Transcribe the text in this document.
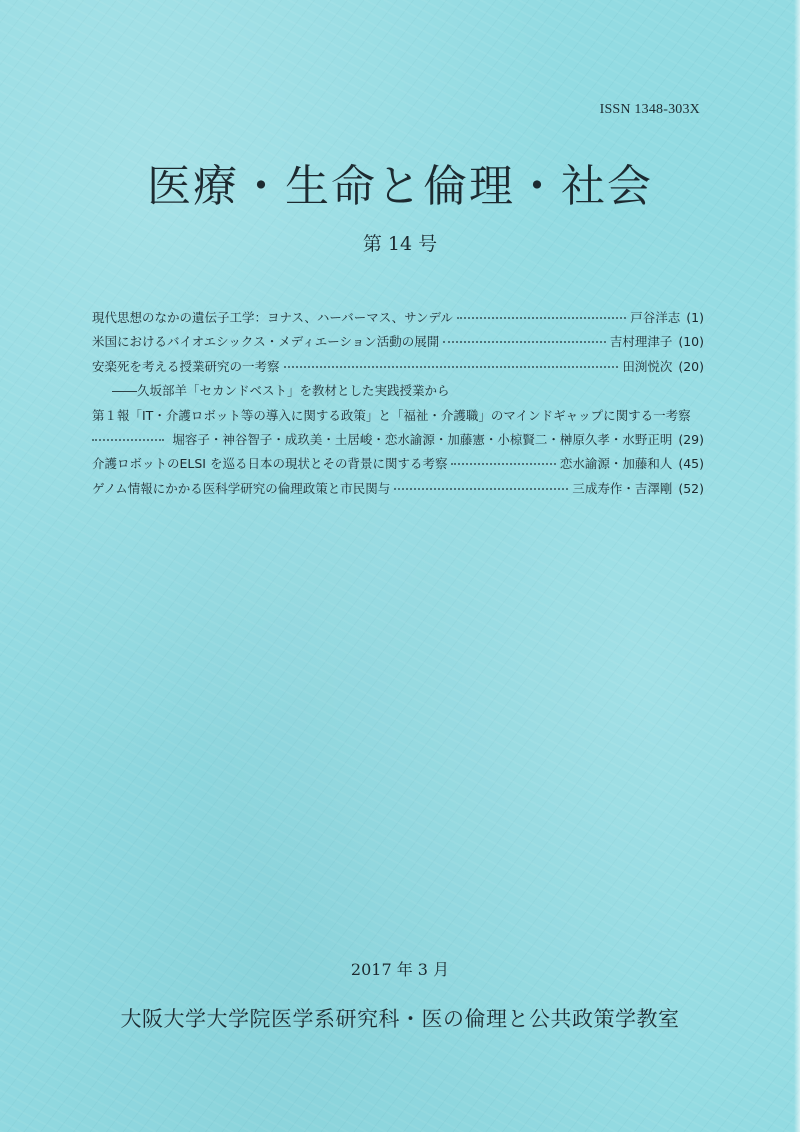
ISSN 1348-303X
医療・生命と倫理・社会
第 14 号
現代思想のなかの遺伝子工学：ヨナス、ハーバーマス、サンデル	戸谷洋志 (1)
米国におけるバイオエシックス・メディエーション活動の展開	吉村理津子 (10)
安楽死を考える授業研究の一考察	田渕悦次 (20)
――久坂部羊「セカンドベスト」を教材とした実践授業から
第１報「IT・介護ロボット等の導入に関する政策」と「福祉・介護職」のマインドギャップに関する一考察
堀容子・神谷智子・成玖美・土居峻・恋水諭源・加藤憲・小椋賢二・榊原久孝・水野正明 (29)
介護ロボットのELSI を巡る日本の現状とその背景に関する考察	恋水諭源・加藤和人 (45)
ゲノム情報にかかる医科学研究の倫理政策と市民関与	三成寿作・吉澤剛 (52)
2017 年 3 月
大阪大学大学院医学系研究科・医の倫理と公共政策学教室
